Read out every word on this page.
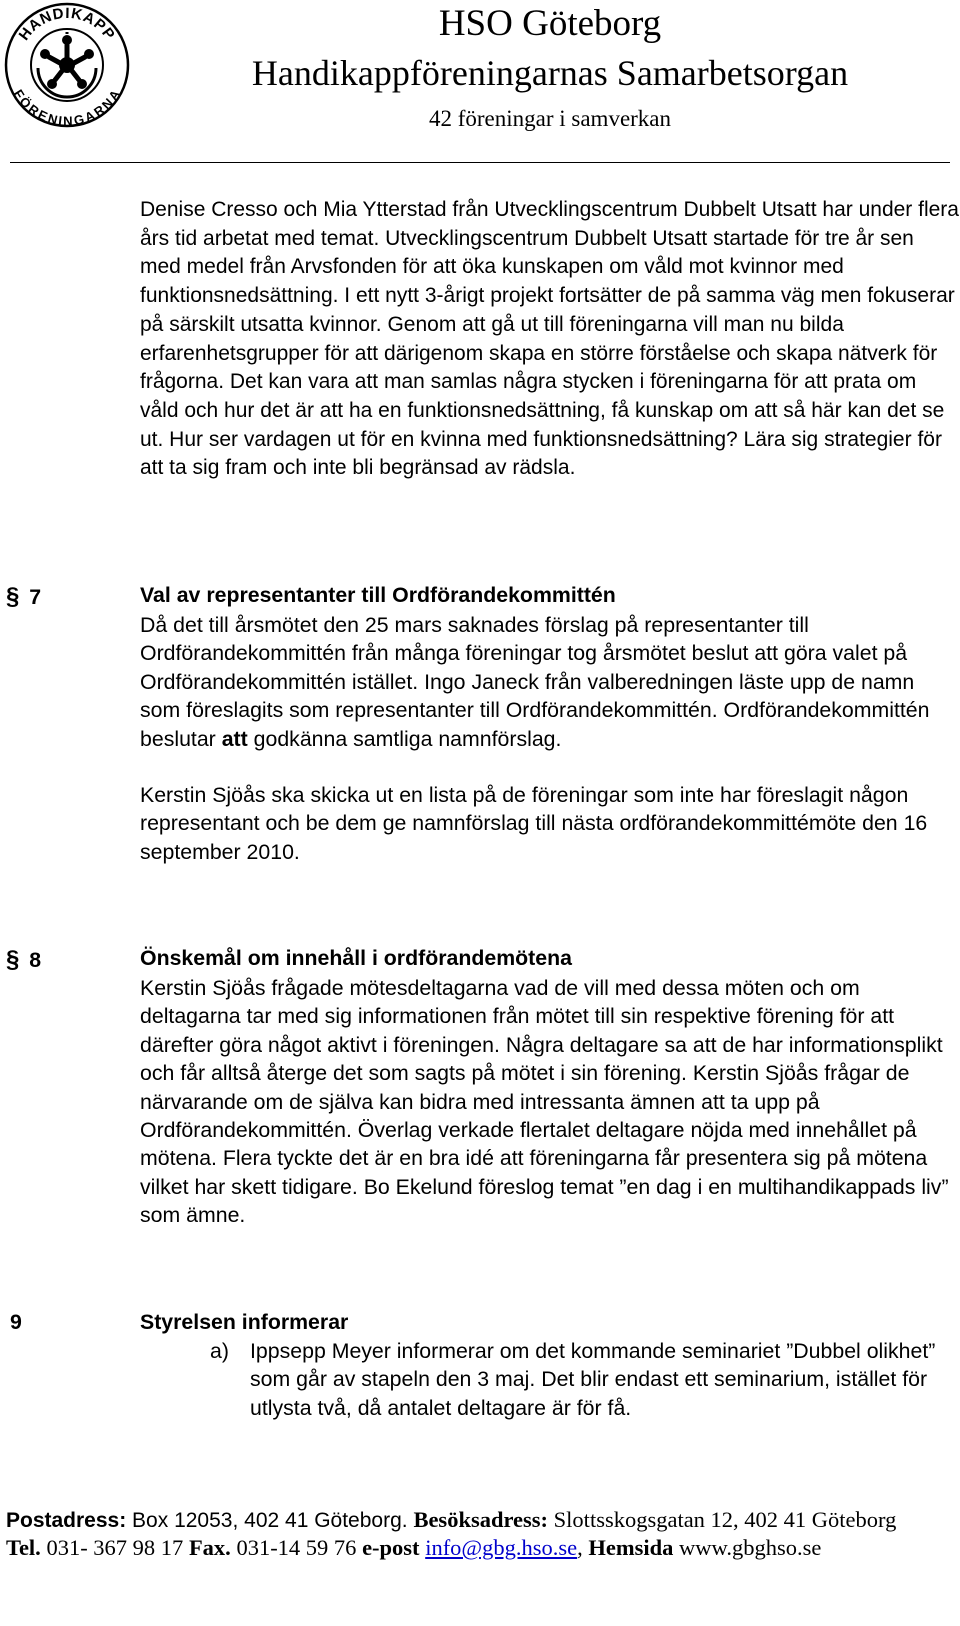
HANDIKAPP
FÖRENINGARNA
HSO Göteborg
Handikappföreningarnas Samarbetsorgan
42 föreningar i samverkan

Denise Cresso och Mia Ytterstad från Utvecklingscentrum Dubbelt Utsatt har under flera års tid arbetat med temat. Utvecklingscentrum Dubbelt Utsatt startade för tre år sen med medel från Arvsfonden för att öka kunskapen om våld mot kvinnor med funktionsnedsättning. I ett nytt 3-årigt projekt fortsätter de på samma väg men fokuserar på särskilt utsatta kvinnor. Genom att gå ut till föreningarna vill man nu bilda erfarenhetsgrupper för att därigenom skapa en större förståelse och skapa nätverk för frågorna. Det kan vara att man samlas några stycken i föreningarna för att prata om våld och hur det är att ha en funktionsnedsättning, få kunskap om att så här kan det se ut. Hur ser vardagen ut för en kvinna med funktionsnedsättning? Lära sig strategier för att ta sig fram och inte bli begränsad av rädsla.

§ 7	Val av representanter till Ordförandekommittén

Då det till årsmötet den 25 mars saknades förslag på representanter till Ordförandekommittén från många föreningar tog årsmötet beslut att göra valet på Ordförandekommittén istället. Ingo Janeck från valberedningen läste upp de namn som föreslagits som representanter till Ordförandekommittén. Ordförandekommittén beslutar att godkänna samtliga namnförslag.

Kerstin Sjöås ska skicka ut en lista på de föreningar som inte har föreslagit någon representant och be dem ge namnförslag till nästa ordförandekommittémöte den 16 september 2010.

§ 8	Önskemål om innehåll i ordförandemötena

Kerstin Sjöås frågade mötesdeltagarna vad de vill med dessa möten och om deltagarna tar med sig informationen från mötet till sin respektive förening för att därefter göra något aktivt i föreningen. Några deltagare sa att de har informationsplikt och får alltså återge det som sagts på mötet i sin förening. Kerstin Sjöås frågar de närvarande om de själva kan bidra med intressanta ämnen att ta upp på Ordförandekommittén. Överlag verkade flertalet deltagare nöjda med innehållet på mötena. Flera tyckte det är en bra idé att föreningarna får presentera sig på mötena vilket har skett tidigare. Bo Ekelund föreslog temat ”en dag i en multihandikappads liv” som ämne.

9	Styrelsen informerar
a) Ippsepp Meyer informerar om det kommande seminariet ”Dubbel olikhet” som går av stapeln den 3 maj. Det blir endast ett seminarium, istället för utlysta två, då antalet deltagare är för få.
Postadress: Box 12053, 402 41 Göteborg. Besöksadress: Slottsskogsgatan 12, 402 41 Göteborg
Tel. 031- 367 98 17 Fax. 031-14 59 76 e-post info@gbg.hso.se, Hemsida www.gbghso.se
